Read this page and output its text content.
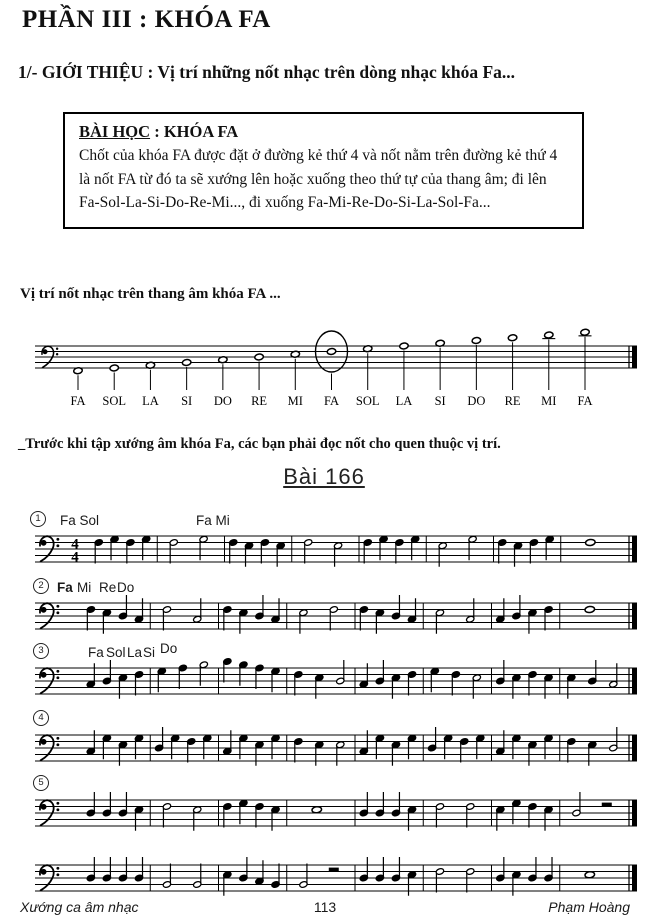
PHẦN III : KHÓA FA
1/- GIỚI THIỆU : Vị trí những nốt nhạc trên dòng nhạc khóa Fa...

BÀI HỌC : KHÓA FA

Chốt của khóa FA được đặt ở đường kẻ thứ 4 và nốt nằm trên đường kẻ thứ 4 là nốt FA từ đó ta sẽ xướng lên hoặc xuống theo thứ tự của thang âm; đi lên Fa-Sol-La-Si-Do-Re-Mi..., đi xuống Fa-Mi-Re-Do-Si-La-Sol-Fa...

Vị trí nốt nhạc trên thang âm khóa FA ...
FA SOL LA SI DO RE MI FA SOL LA SI DO RE MI FA

_Trước khi tập xướng âm khóa Fa, các bạn phải đọc nốt cho quen thuộc vị trí.

Bài 166
1	Fa Sol	Fa Mi
4
4
2 Fa Mi Re Do
3	Fa Sol La Si Do
4
5
Xướng ca âm nhạc	113	Phạm Hoàng
